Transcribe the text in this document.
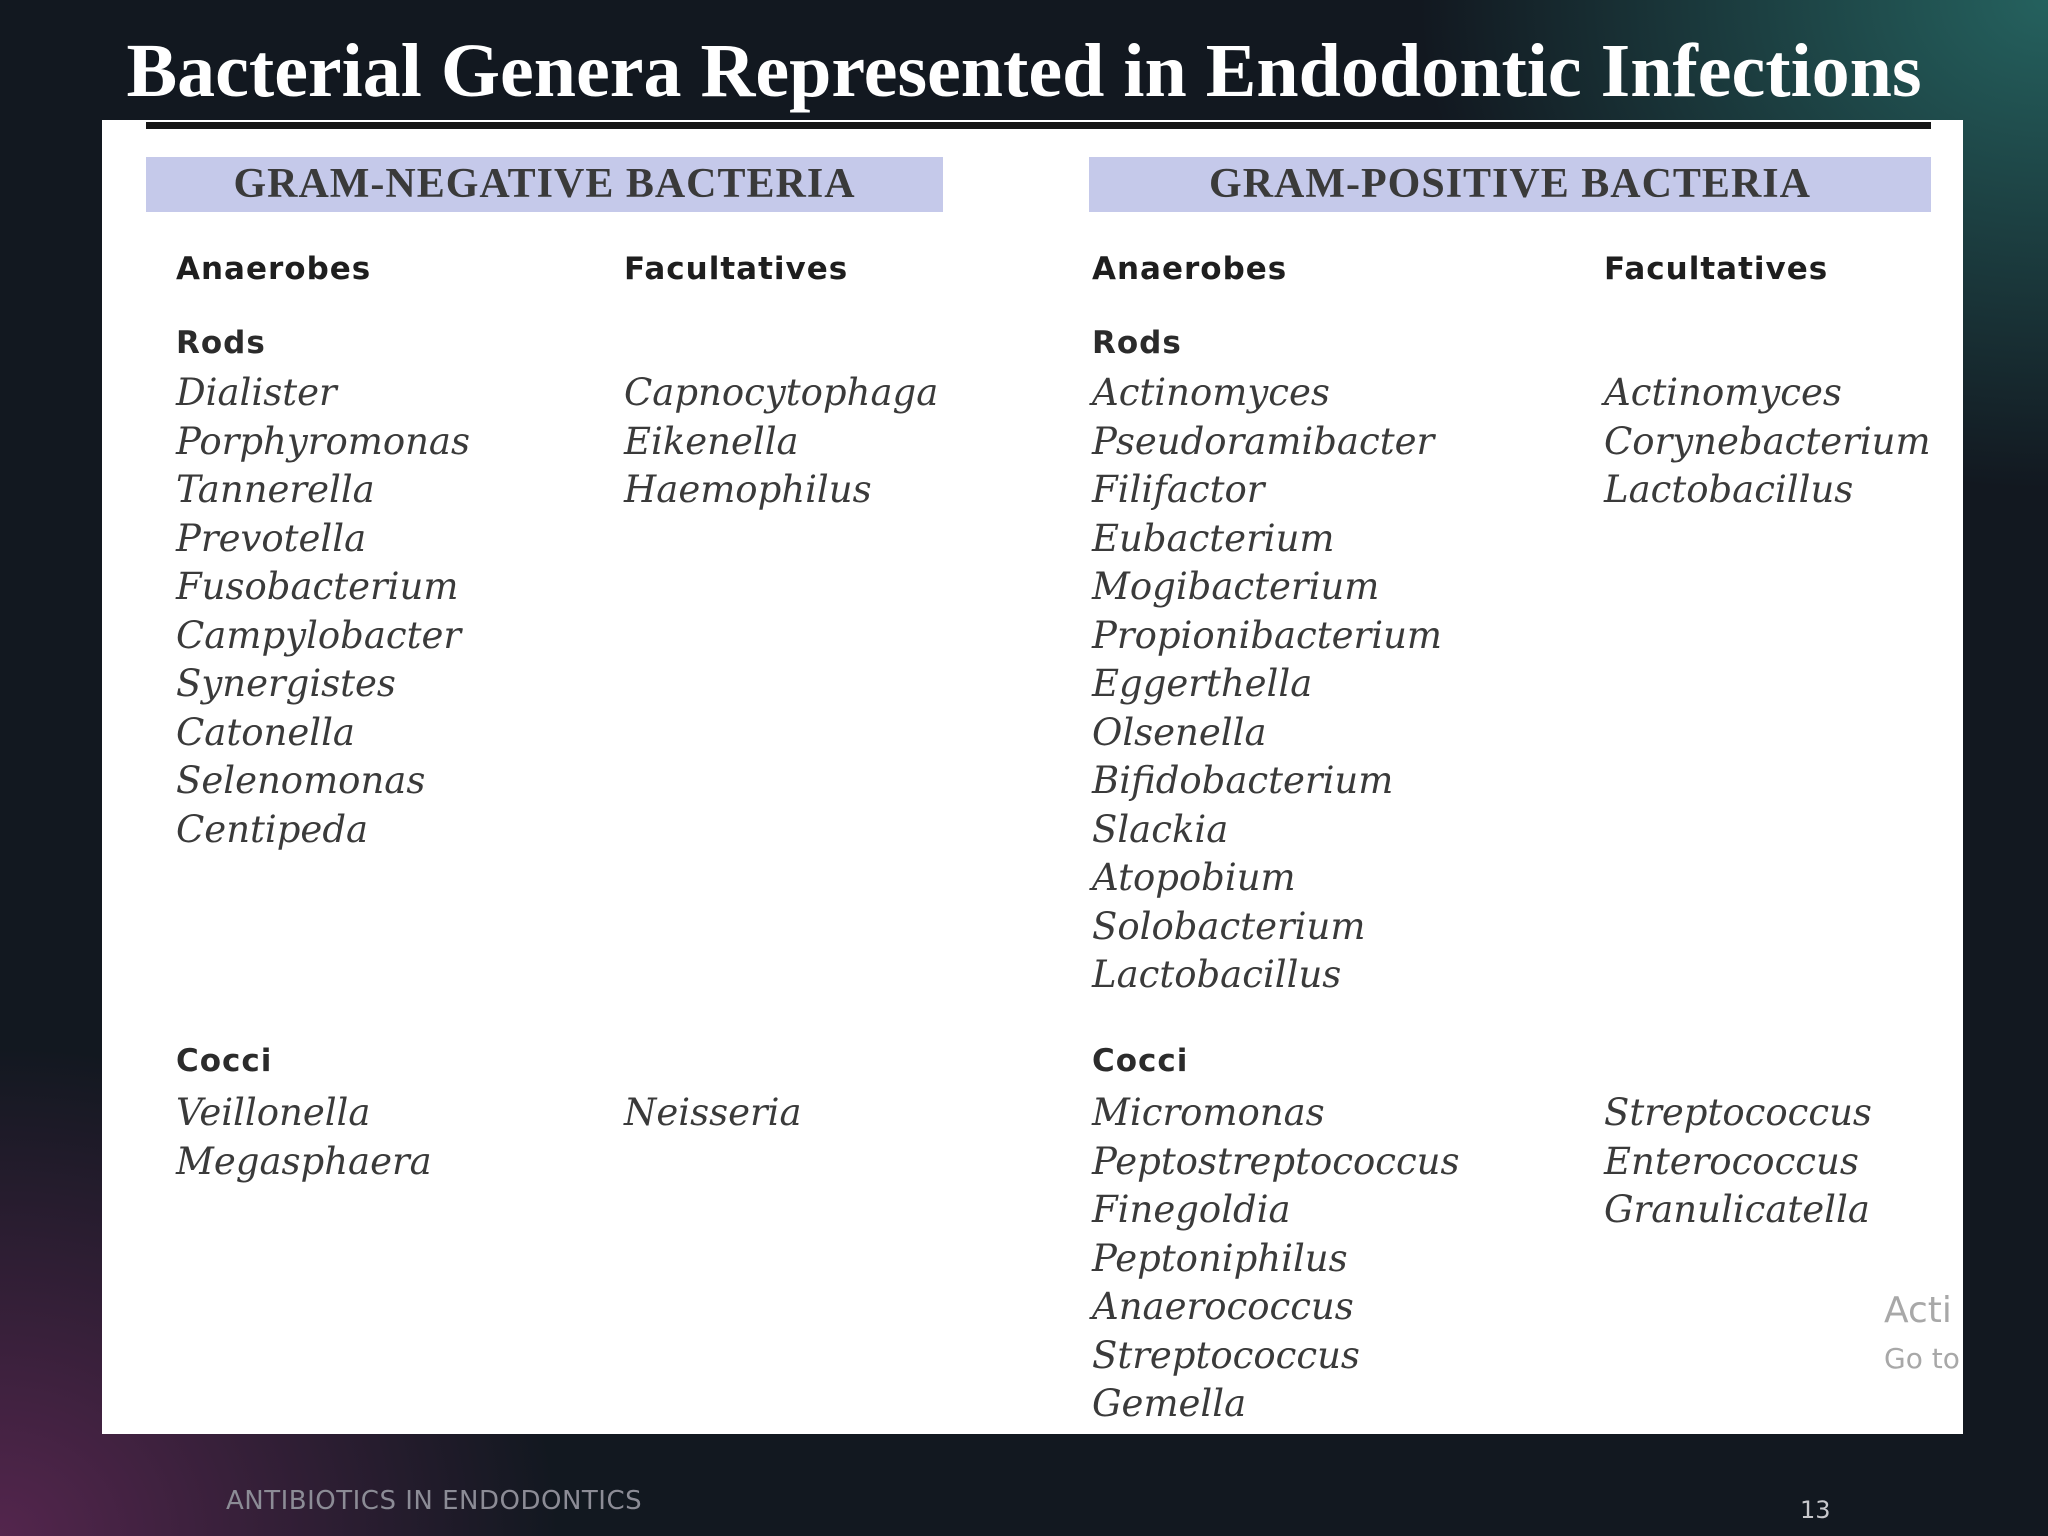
Bacterial Genera Represented in Endodontic Infections
GRAM-NEGATIVE BACTERIA	GRAM-POSITIVE BACTERIA
Anaerobes
Rods
Dialister
Porphyromonas
Tannerella
Prevotella
Fusobacterium
Campylobacter
Synergistes
Catonella
Selenomonas
Centipeda
Cocci
Veillonella
Megasphaera
Facultatives
Capnocytophaga
Eikenella
Haemophilus
Neisseria
Anaerobes
Rods
Actinomyces
Pseudoramibacter
Filifactor
Eubacterium
Mogibacterium
Propionibacterium
Eggerthella
Olsenella
Bifidobacterium
Slackia
Atopobium
Solobacterium
Lactobacillus
Cocci
Micromonas
Peptostreptococcus
Finegoldia
Peptoniphilus
Anaerococcus
Streptococcus
Gemella
Facultatives
Actinomyces
Corynebacterium
Lactobacillus
Streptococcus
Enterococcus
Granulicatella
Acti
Go to
ANTIBIOTICS IN ENDODONTICS	13
